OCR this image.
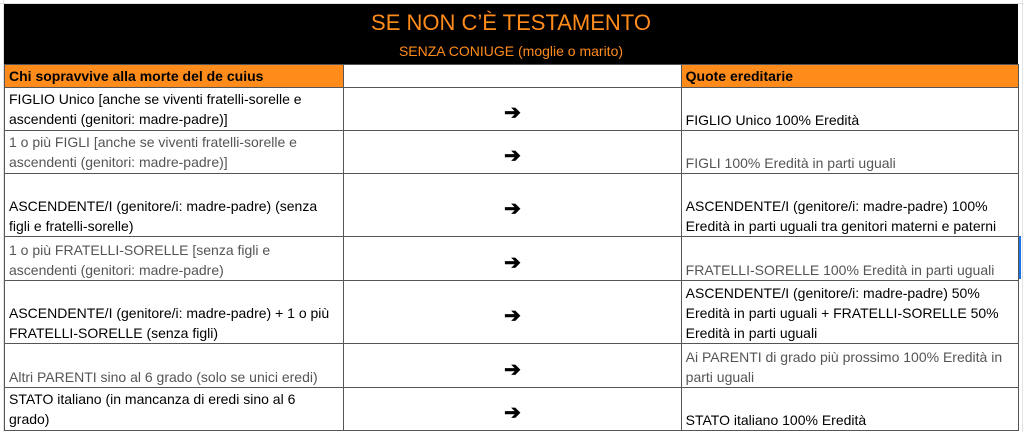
SE NON C’È TESTAMENTO
SENZA CONIUGE (moglie o marito)
Chi sopravvive alla morte del de cuius		Quote ereditarie
FIGLIO Unico [anche se viventi fratelli-sorelle e ascendenti (genitori: madre-padre)]	➔	FIGLIO Unico 100% Eredità
1 o più FIGLI [anche se viventi fratelli-sorelle e ascendenti (genitori: madre-padre)]	➔	FIGLI 100% Eredità in parti uguali
ASCENDENTE/I (genitore/i: madre-padre) (senza figli e fratelli-sorelle)	➔	ASCENDENTE/I (genitore/i: madre-padre) 100% Eredità in parti uguali tra genitori materni e paterni
1 o più FRATELLI-SORELLE [senza figli e ascendenti (genitori: madre-padre)	➔	FRATELLI-SORELLE 100% Eredità in parti uguali
ASCENDENTE/I (genitore/i: madre-padre) + 1 o più FRATELLI-SORELLE (senza figli)	➔	ASCENDENTE/I (genitore/i: madre-padre) 50% Eredità in parti uguali + FRATELLI-SORELLE 50% Eredità in parti uguali
Altri PARENTI sino al 6 grado (solo se unici eredi)	➔	Ai PARENTI di grado più prossimo 100% Eredità in parti uguali
STATO italiano (in mancanza di eredi sino al 6 grado)	➔	STATO italiano 100% Eredità
